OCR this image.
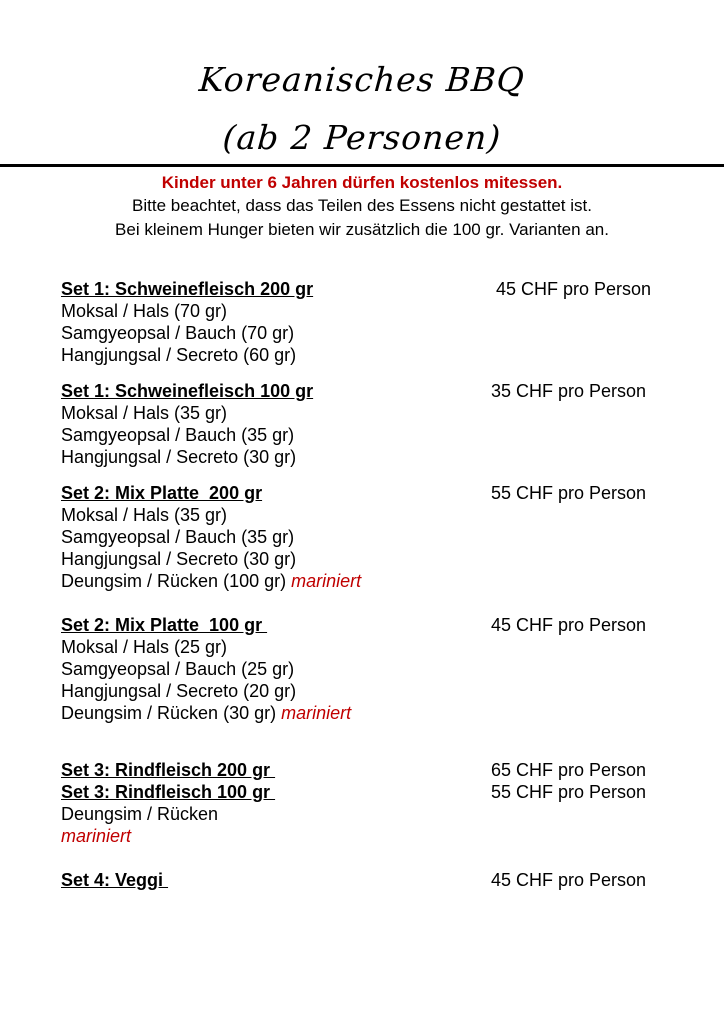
Koreanisches BBQ
(ab 2 Personen)
Kinder unter 6 Jahren dürfen kostenlos mitessen.
Bitte beachtet, dass das Teilen des Essens nicht gestattet ist.
Bei kleinem Hunger bieten wir zusätzlich die 100 gr. Varianten an.
Set 1: Schweinefleisch 200 gr	45 CHF pro Person
Moksal / Hals (70 gr)
Samgyeopsal / Bauch (70 gr)
Hangjungsal / Secreto (60 gr)
Set 1: Schweinefleisch 100 gr	35 CHF pro Person
Moksal / Hals (35 gr)
Samgyeopsal / Bauch (35 gr)
Hangjungsal / Secreto (30 gr)
Set 2: Mix Platte  200 gr	55 CHF pro Person
Moksal / Hals (35 gr)
Samgyeopsal / Bauch (35 gr)
Hangjungsal / Secreto (30 gr)
Deungsim / Rücken (100 gr) mariniert
Set 2: Mix Platte  100 gr	45 CHF pro Person
Moksal / Hals (25 gr)
Samgyeopsal / Bauch (25 gr)
Hangjungsal / Secreto (20 gr)
Deungsim / Rücken (30 gr) mariniert
Set 3: Rindfleisch 200 gr	65 CHF pro Person
Set 3: Rindfleisch 100 gr	55 CHF pro Person
Deungsim / Rücken
mariniert
Set 4: Veggi	45 CHF pro Person
